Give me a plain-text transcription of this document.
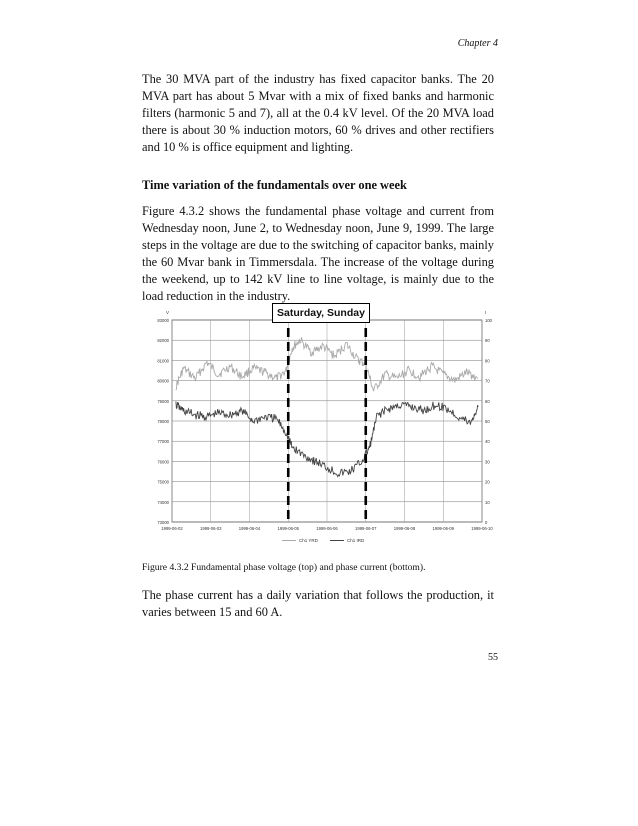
Chapter 4

The 30 MVA part of the industry has fixed capacitor banks. The 20 MVA part has about 5 Mvar with a mix of fixed banks and harmonic filters (harmonic 5 and 7), all at the 0.4 kV level. Of the 20 MVA load there is about 30 % induction motors, 60 % drives and other rectifiers and 10 % is office equipment and lighting.

Time variation of the fundamentals over one week

Figure 4.3.2 shows the fundamental phase voltage and current from Wednesday noon, June 2, to Wednesday noon, June 9, 1999. The large steps in the voltage are due to the switching of capacitor banks, mainly the 60 Mvar bank in Timmersdala. The increase of the voltage during the weekend, up to 142 kV line to line voltage, is mainly due to the load reduction in the industry.

73000
74000
75000
76000
77000
78000
79000
80000
81000
82000
83000
0
10
20
30
40
50
60
70
80
90
100
V	I
1999-06-02	1999-06-03	1999-06-04	1999-06-05	1999-06-06	1999-06-07	1999-06-08	1999-06-09	1999-06-10
Ch1 YRD	Ch1 IRD
Saturday, Sunday

Figure 4.3.2 Fundamental phase voltage (top) and phase current (bottom).

The phase current has a daily variation that follows the production, it varies between 15 and 60 A.

55
